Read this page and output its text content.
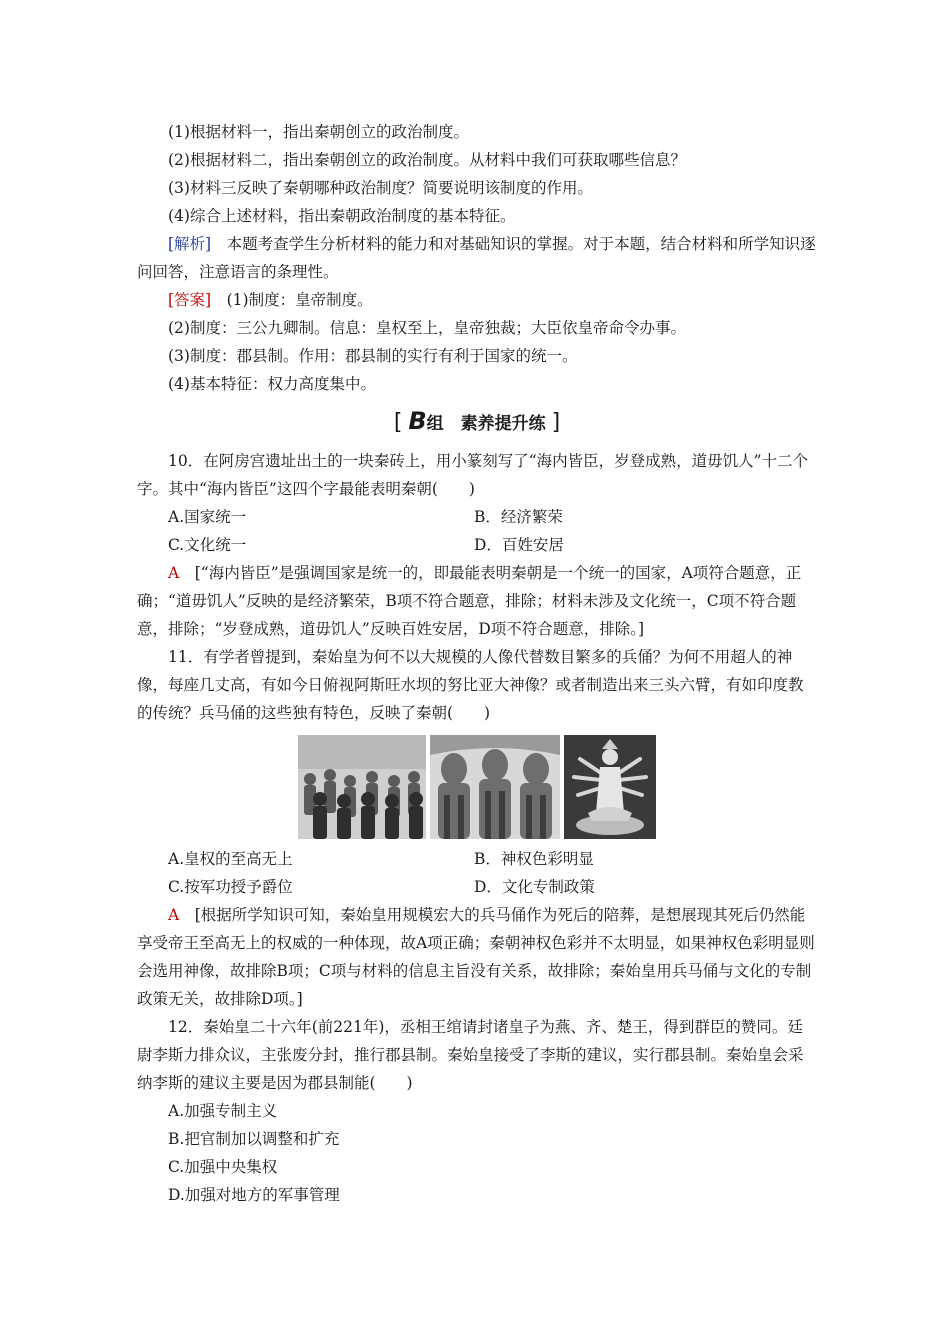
(1)根据材料一，指出秦朝创立的政治制度。

(2)根据材料二，指出秦朝创立的政治制度。从材料中我们可获取哪些信息？

(3)材料三反映了秦朝哪种政治制度？简要说明该制度的作用。

(4)综合上述材料，指出秦朝政治制度的基本特征。

[解析]　 本题考查学生分析材料的能力和对基础知识的掌握。对于本题，结合材料和所学知识逐问回答，注意语言的条理性。

[答案]　 (1)制度：皇帝制度。

(2)制度：三公九卿制。信息：皇权至上，皇帝独裁；大臣依皇帝命令办事。

(3)制度：郡县制。作用：郡县制的实行有利于国家的统一。

(4)基本特征：权力高度集中。

[ B组　素养提升练 ]

10．在阿房宫遗址出土的一块秦砖上，用小篆刻写了“海内皆臣，岁登成熟，道毋饥人”十二个字。其中“海内皆臣”这四个字最能表明秦朝(　　)

A.国家统一	B．经济繁荣
C.文化统一	D．百姓安居

A　 [“海内皆臣”是强调国家是统一的，即最能表明秦朝是一个统一的国家，A项符合题意，正确；“道毋饥人”反映的是经济繁荣，B项不符合题意，排除；材料未涉及文化统一，C项不符合题意，排除；“岁登成熟，道毋饥人”反映百姓安居，D项不符合题意，排除。]

11．有学者曾提到，秦始皇为何不以大规模的人像代替数目繁多的兵俑？为何不用超人的神像，每座几丈高，有如今日俯视阿斯旺水坝的努比亚大神像？或者制造出来三头六臂，有如印度教的传统？兵马俑的这些独有特色，反映了秦朝(　　)

A.皇权的至高无上	B．神权色彩明显
C.按军功授予爵位	D．文化专制政策

A　 [根据所学知识可知，秦始皇用规模宏大的兵马俑作为死后的陪葬，是想展现其死后仍然能享受帝王至高无上的权威的一种体现，故A项正确；秦朝神权色彩并不太明显，如果神权色彩明显则会选用神像，故排除B项；C项与材料的信息主旨没有关系，故排除；秦始皇用兵马俑与文化的专制政策无关，故排除D项。]

12．秦始皇二十六年(前221年)，丞相王绾请封诸皇子为燕、齐、楚王，得到群臣的赞同。廷尉李斯力排众议，主张废分封，推行郡县制。秦始皇接受了李斯的建议，实行郡县制。秦始皇会采纳李斯的建议主要是因为郡县制能(　　)

A.加强专制主义

B.把官制加以调整和扩充

C.加强中央集权

D.加强对地方的军事管理
